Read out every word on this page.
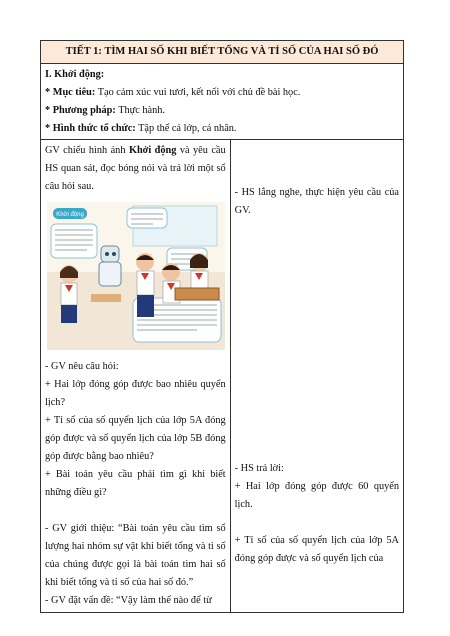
TIẾT 1: TÌM HAI SỐ KHI BIẾT TỔNG VÀ TỈ SỐ CỦA HAI SỐ ĐÓ

I. Khởi động:
* Mục tiêu: Tạo cảm xúc vui tươi, kết nối với chủ đề bài học.
* Phương pháp: Thực hành.
* Hình thức tổ chức: Tập thể cả lớp, cá nhân.

GV chiếu hình ảnh Khởi động và yêu cầu HS quan sát, đọc bóng nói và trả lời một số câu hỏi sau.
Khởi động
- GV nêu câu hỏi:
+ Hai lớp đóng góp được bao nhiêu quyển lịch?
+ Tỉ số của số quyển lịch của lớp 5A đóng góp được và số quyển lịch của lớp 5B đóng góp được bằng bao nhiêu?
+ Bài toán yêu cầu phải tìm gì khi biết những điều gì?
- GV giới thiệu: “Bài toán yêu cầu tìm số lượng hai nhóm sự vật khi biết tổng và tỉ số của chúng được gọi là bài toán tìm hai số khi biết tổng và tỉ số của hai số đó.”
- GV đặt vấn đề: “Vậy làm thế nào để từ

- HS lắng nghe, thực hiện yêu cầu của GV.
- HS trả lời:
+ Hai lớp đóng góp được 60 quyển lịch.
+ Tỉ số của số quyển lịch của lớp 5A đóng góp được và số quyển lịch của
